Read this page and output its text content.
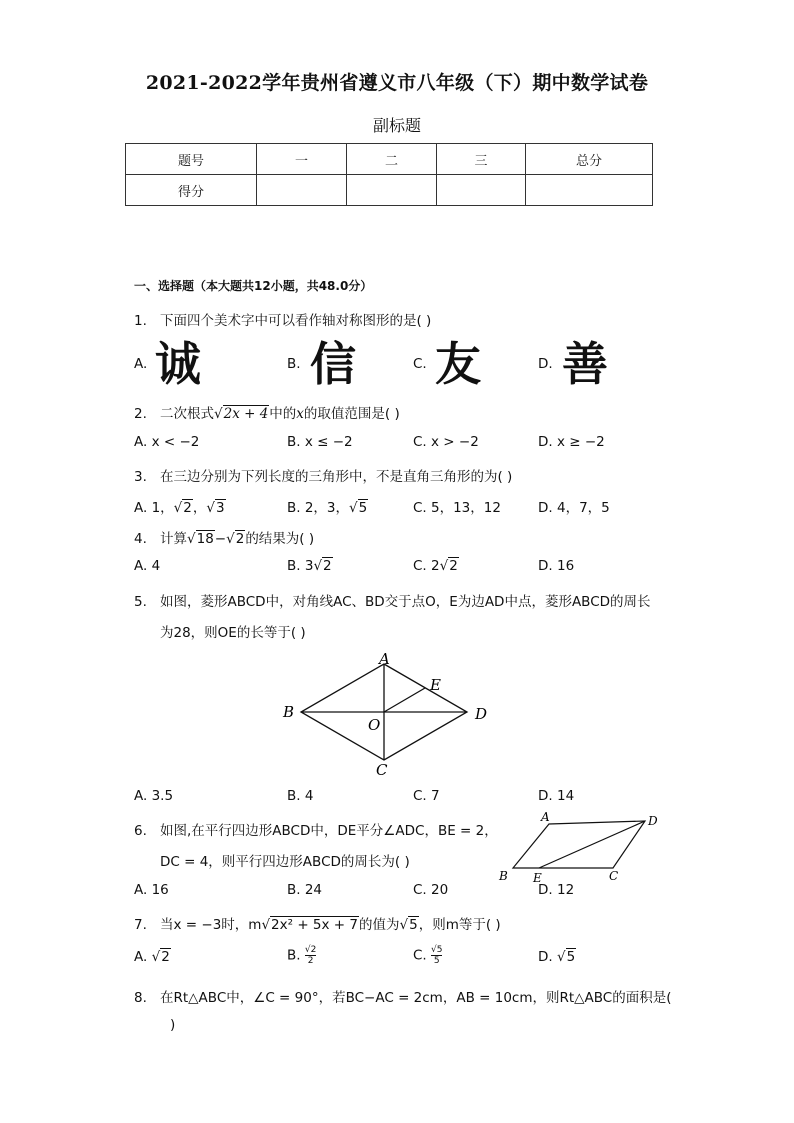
2021-2022学年贵州省遵义市八年级（下）期中数学试卷
副标题
题号	一	二	三	总分
得分				
一、选择题（本大题共12小题，共48.0分）
1. 下面四个美术字中可以看作轴对称图形的是( )
A. 诚	B. 信	C. 友	D. 善
2. 二次根式√2x + 4中的x的取值范围是( )
A. x < −2	B. x ≤ −2	C. x > −2	D. x ≥ −2
3. 在三边分别为下列长度的三角形中，不是直角三角形的为( )
A. 1，√2，√3	B. 2，3，√5	C. 5，13，12	D. 4，7，5
4. 计算√18−√2的结果为( )
A. 4	B. 3√2	C. 2√2	D. 16
5. 如图，菱形ABCD中，对角线AC、BD交于点O，E为边AD中点，菱形ABCD的周长
为28，则OE的长等于( )
A
B
C
D
E
O
A. 3.5	B. 4	C. 7	D. 14
6. 如图,在平行四边形ABCD中，DE平分∠ADC，BE = 2，
DC = 4，则平行四边形ABCD的周长为( )
A	D
B E	C
A. 16	B. 24	C. 20	D. 12
7. 当x = −3时，m√2x² + 5x + 7的值为√5，则m等于( )
A. √2	B. $\frac{√2}{2}$	C. $\frac{√5}{5}$	D. √5
8. 在Rt△ABC中，∠C = 90°，若BC−AC = 2cm，AB = 10cm，则Rt△ABC的面积是(
)
